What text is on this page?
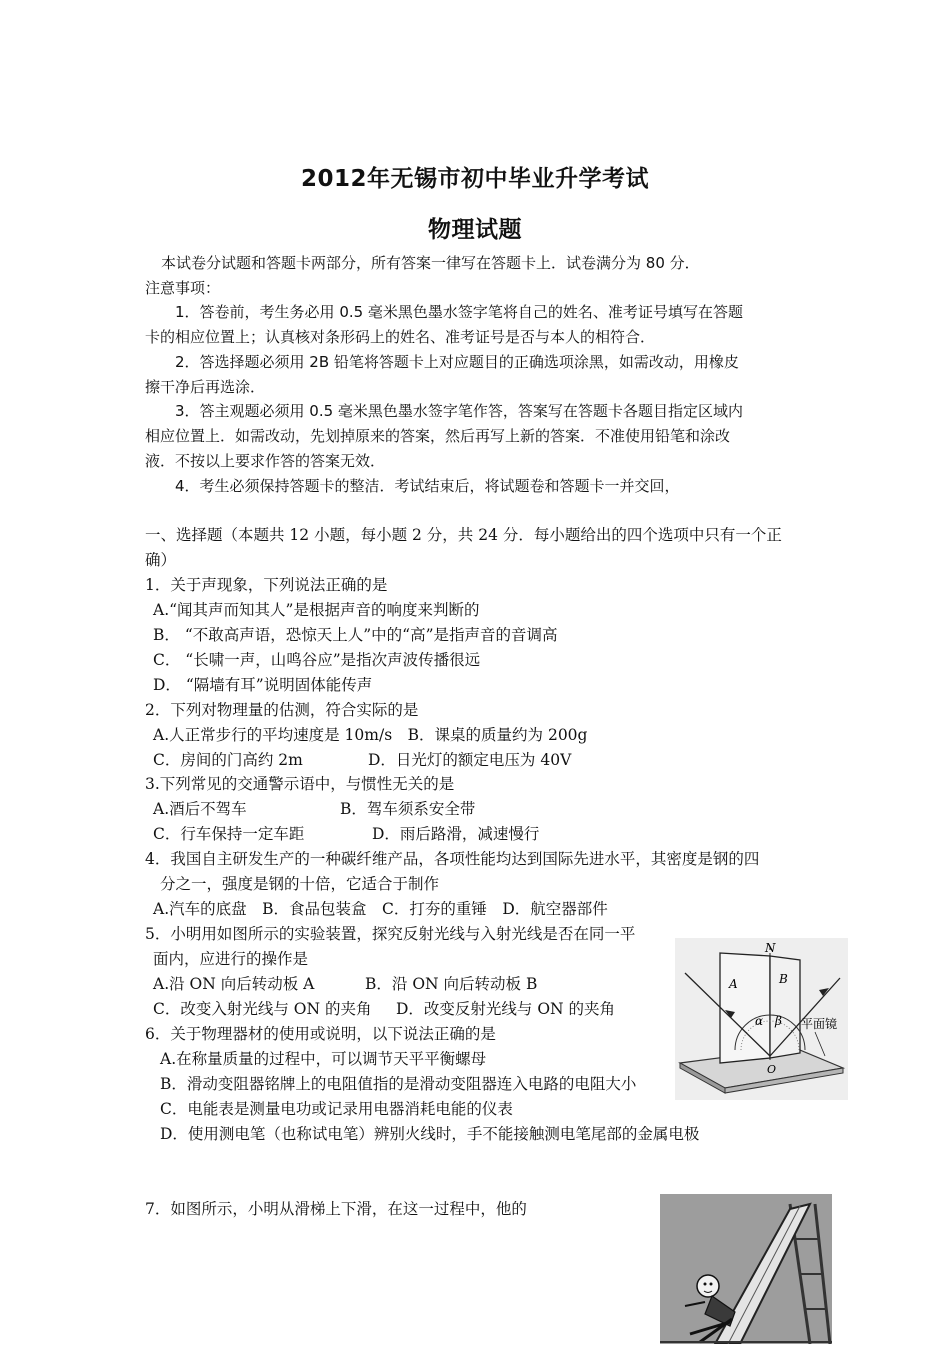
2012年无锡市初中毕业升学考试
物理试题
本试卷分试题和答题卡两部分，所有答案一律写在答题卡上．试卷满分为 80 分．
注意事项：
1．答卷前，考生务必用 0.5 毫米黑色墨水签字笔将自己的姓名、准考证号填写在答题
卡的相应位置上；认真核对条形码上的姓名、准考证号是否与本人的相符合．
2．答选择题必须用 2B 铅笔将答题卡上对应题目的正确选项涂黑，如需改动，用橡皮
擦干净后再选涂．
3．答主观题必须用 0.5 毫米黑色墨水签字笔作答，答案写在答题卡各题目指定区域内
相应位置上．如需改动，先划掉原来的答案，然后再写上新的答案．不准使用铅笔和涂改
液．不按以上要求作答的答案无效．
4．考生必须保持答题卡的整洁．考试结束后，将试题卷和答题卡一并交回，
一、选择题（本题共 12 小题，每小题 2 分，共 24 分．每小题给出的四个选项中只有一个正
确）
1．关于声现象，下列说法正确的是
A.“闻其声而知其人”是根据声音的响度来判断的
B． “不敢高声语，恐惊天上人”中的“高”是指声音的音调高
C． “长啸一声，山鸣谷应”是指次声波传播很远
D． “隔墙有耳”说明固体能传声
2．下列对物理量的估测，符合实际的是
A.人正常步行的平均速度是 10m/s　B．课桌的质量约为 200g
C．房间的门高约 2m	D．日光灯的额定电压为 40V
3.下列常见的交通警示语中，与惯性无关的是
A.酒后不驾车	B．驾车须系安全带
C．行车保持一定车距	D．雨后路滑，减速慢行
4．我国自主研发生产的一种碳纤维产品，各项性能均达到国际先进水平，其密度是钢的四
分之一，强度是钢的十倍，它适合于制作
A.汽车的底盘　B．食品包装盒　C．打夯的重锤　D．航空器部件
5．小明用如图所示的实验装置，探究反射光线与入射光线是否在同一平
面内，应进行的操作是
A.沿 ON 向后转动板 A	B．沿 ON 向后转动板 B
C．改变入射光线与 ON 的夹角 D．改变反射光线与 ON 的夹角
N
A	B
α β
O
平面镜
6．关于物理器材的使用或说明，以下说法正确的是
A.在称量质量的过程中，可以调节天平平衡螺母
B．滑动变阻器铭牌上的电阻值指的是滑动变阻器连入电路的电阻大小
C．电能表是测量电功或记录用电器消耗电能的仪表
D．使用测电笔（也称试电笔）辨别火线时，手不能接触测电笔尾部的金属电极
7．如图所示，小明从滑梯上下滑，在这一过程中，他的
